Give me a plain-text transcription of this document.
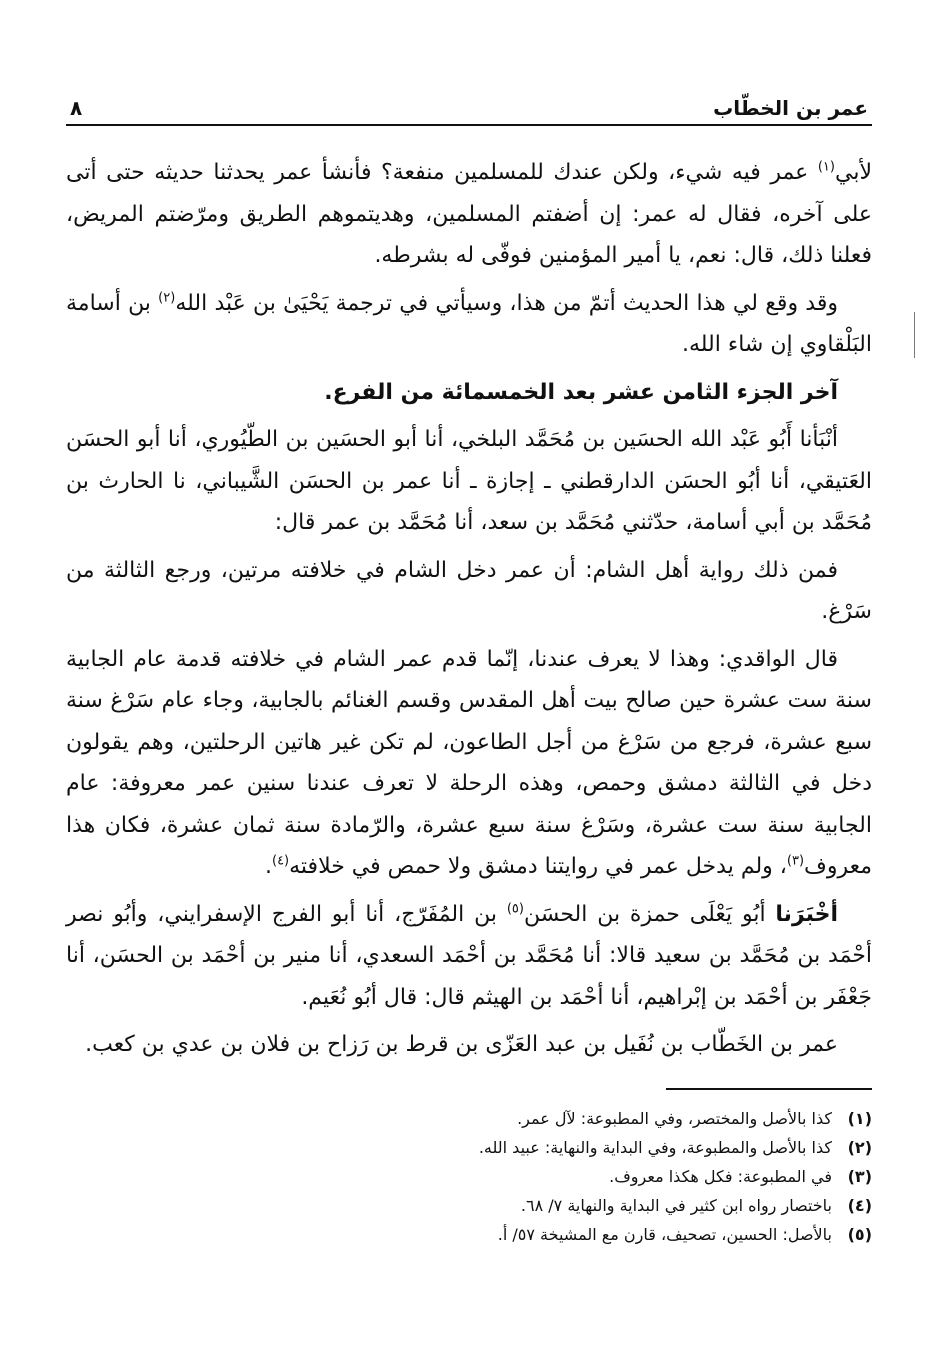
عمر بن الخطّاب
٨

لأبي$^{(١)}$ عمر فيه شيء، ولكن عندك للمسلمين منفعة؟ فأنشأ عمر يحدثنا حديثه حتى أتى على آخره، فقال له عمر: إن أضفتم المسلمين، وهديتموهم الطريق ومرّضتم المريض، فعلنا ذلك، قال: نعم، يا أمير المؤمنين فوفّى له بشرطه.

وقد وقع لي هذا الحديث أتمّ من هذا، وسيأتي في ترجمة يَحْيَىٰ بن عَبْد الله$^{(٢)}$ بن أسامة البَلْقاوي إن شاء الله.

آخر الجزء الثامن عشر بعد الخمسمائة من الفرع.

أنْبَأنا أَبُو عَبْد الله الحسَين بن مُحَمَّد البلخي، أنا أبو الحسَين بن الطّيُوري، أنا أبو الحسَن العَتيقي، أنا أبُو الحسَن الدارقطني ـ إجازة ـ أنا عمر بن الحسَن الشَّيباني، نا الحارث بن مُحَمَّد بن أبي أسامة، حدّثني مُحَمَّد بن سعد، أنا مُحَمَّد بن عمر قال:

فمن ذلك رواية أهل الشام: أن عمر دخل الشام في خلافته مرتين، ورجع الثالثة من سَرْغ.

قال الواقدي: وهذا لا يعرف عندنا، إنّما قدم عمر الشام في خلافته قدمة عام الجابية سنة ست عشرة حين صالح بيت أهل المقدس وقسم الغنائم بالجابية، وجاء عام سَرْغ سنة سبع عشرة، فرجع من سَرْغ من أجل الطاعون، لم تكن غير هاتين الرحلتين، وهم يقولون دخل في الثالثة دمشق وحمص، وهذه الرحلة لا تعرف عندنا سنين عمر معروفة: عام الجابية سنة ست عشرة، وسَرْغ سنة سبع عشرة، والرّمادة سنة ثمان عشرة، فكان هذا معروف$^{(٣)}$، ولم يدخل عمر في روايتنا دمشق ولا حمص في خلافته$^{(٤)}$.

أخْبَرَنا أبُو يَعْلَى حمزة بن الحسَن$^{(٥)}$ بن المُفَرّج، أنا أبو الفرج الإسفرايني، وأبُو نصر أحْمَد بن مُحَمَّد بن سعيد قالا: أنا مُحَمَّد بن أحْمَد السعدي، أنا منير بن أحْمَد بن الحسَن، أنا جَعْفَر بن أحْمَد بن إبْراهيم، أنا أحْمَد بن الهيثم قال: قال أبُو نُعَيم.

عمر بن الخَطّاب بن نُفَيل بن عبد العَزّى بن قرط بن رَزاح بن فلان بن عدي بن كعب.

(١)كذا بالأصل والمختصر، وفي المطبوعة: لآل عمر.
(٢)كذا بالأصل والمطبوعة، وفي البداية والنهاية: عبيد الله.
(٣)في المطبوعة: فكل هكذا معروف.
(٤)باختصار رواه ابن كثير في البداية والنهاية ٧/ ٦٨.
(٥)بالأصل: الحسين، تصحيف، قارن مع المشيخة ٥٧/ أ.
